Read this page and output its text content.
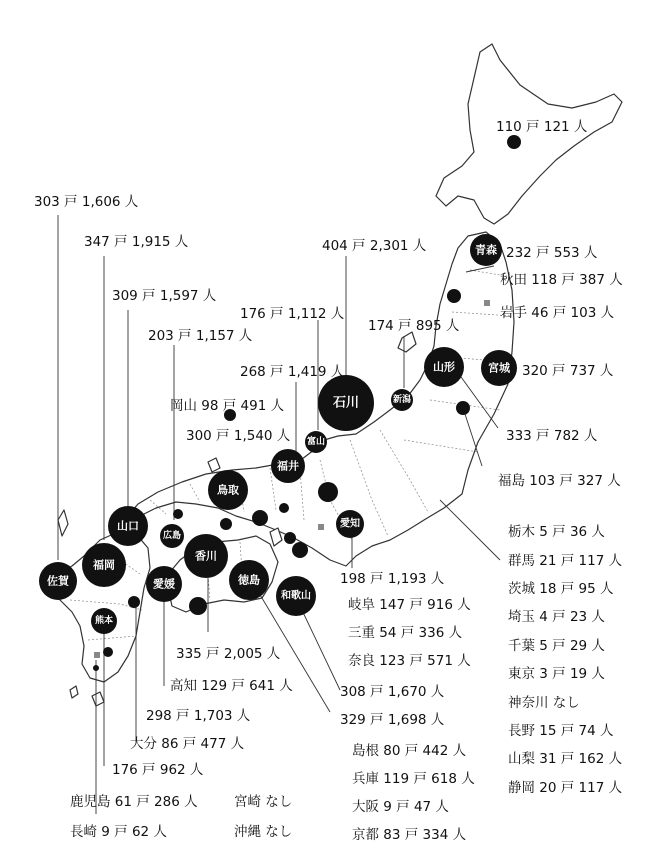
青森
山形	宮城
新潟
石川
富山
福井
鳥取
山口
広島
香川
愛知
福岡
佐賀	愛媛	徳島
和歌山
熊本
110 戸 121 人
232 戸 553 人
秋田 118 戸 387 人
岩手 46 戸 103 人
320 戸 737 人
333 戸 782 人
福島 103 戸 327 人
174 戸 895 人
404 戸 2,301 人
176 戸 1,112 人
268 戸 1,419 人
岡山 98 戸 491 人
300 戸 1,540 人
203 戸 1,157 人
309 戸 1,597 人
347 戸 1,915 人
303 戸 1,606 人
198 戸 1,193 人
335 戸 2,005 人
高知 129 戸 641 人
298 戸 1,703 人
大分 86 戸 477 人
176 戸 962 人
鹿児島 61 戸 286 人
長崎 9 戸 62 人
宮崎 なし
沖縄 なし
308 戸 1,670 人
329 戸 1,698 人
岐阜 147 戸 916 人
三重 54 戸 336 人
奈良 123 戸 571 人
島根 80 戸 442 人
兵庫 119 戸 618 人
大阪 9 戸 47 人
京都 83 戸 334 人
栃木 5 戸 36 人
群馬 21 戸 117 人
茨城 18 戸 95 人
埼玉 4 戸 23 人
千葉 5 戸 29 人
東京 3 戸 19 人
神奈川 なし
長野 15 戸 74 人
山梨 31 戸 162 人
静岡 20 戸 117 人
